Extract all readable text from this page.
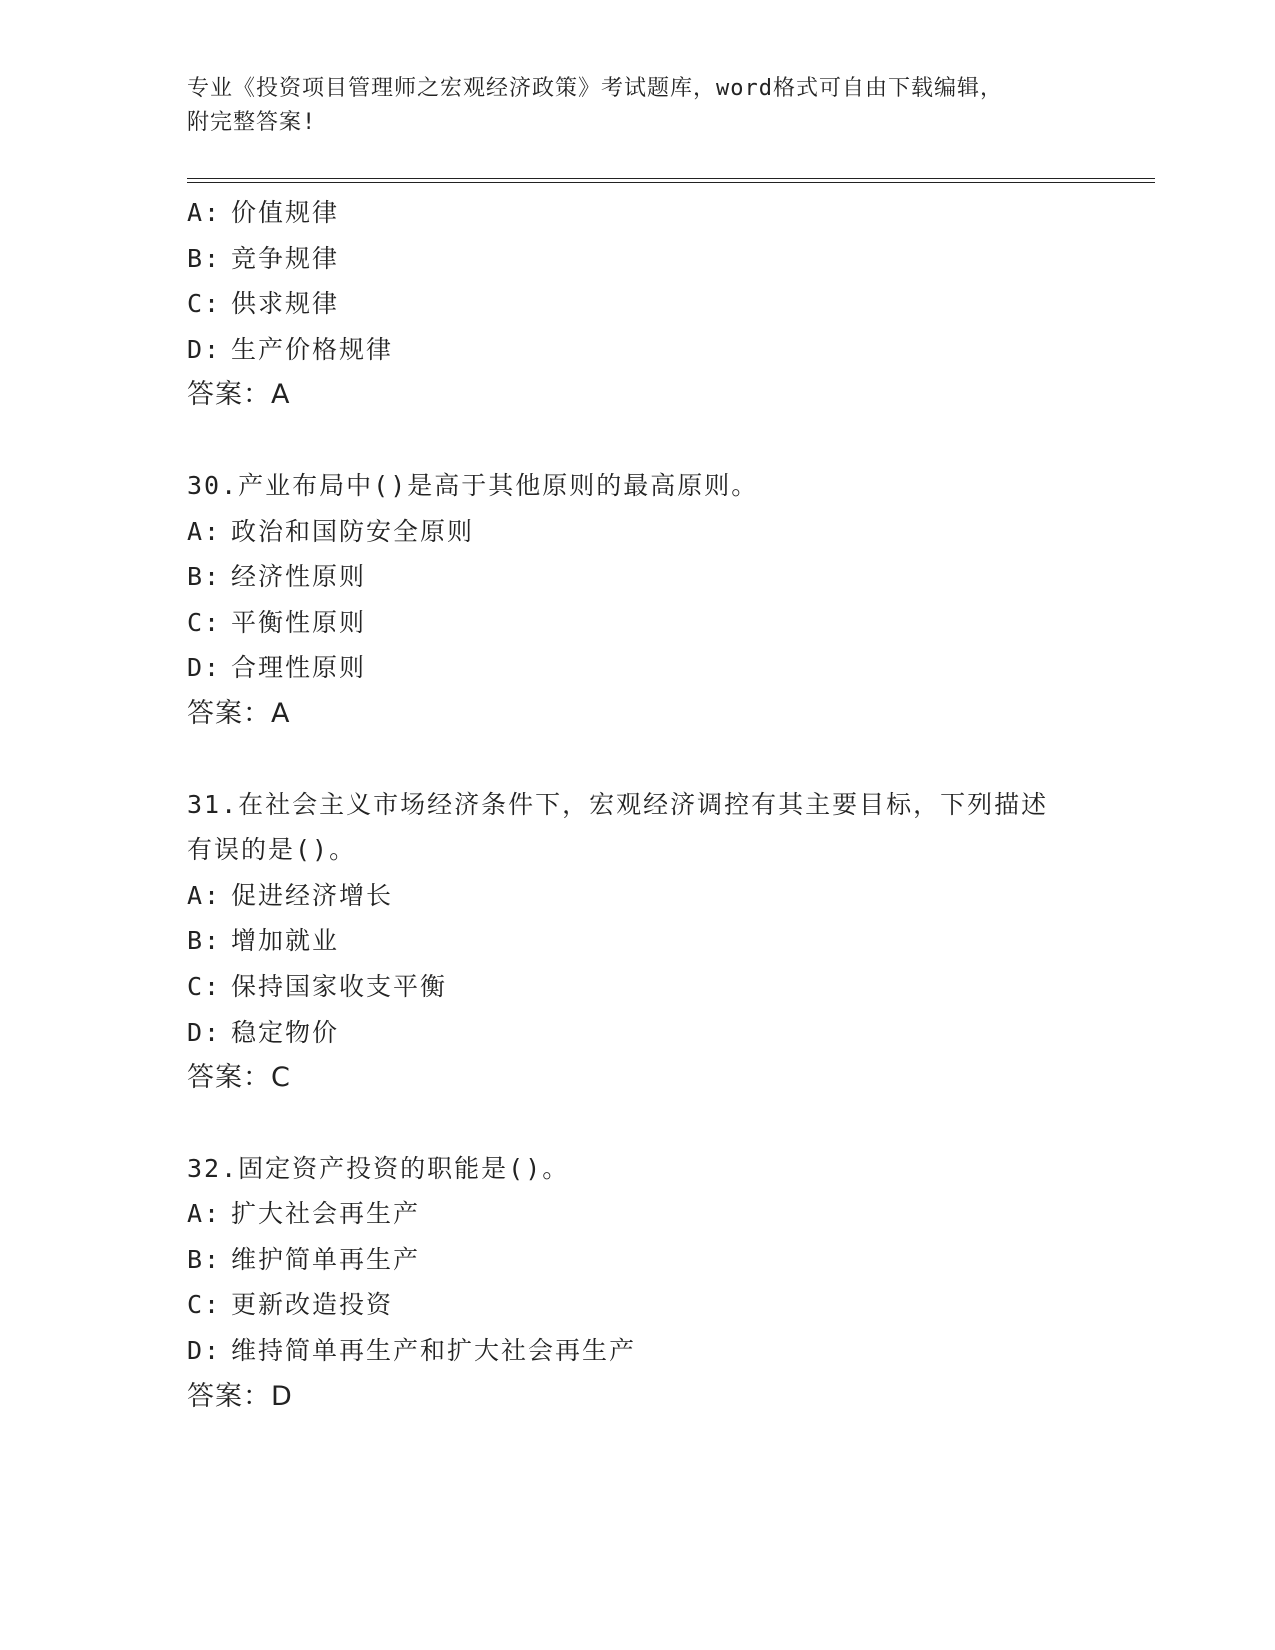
专业《投资项目管理师之宏观经济政策》考试题库，word格式可自由下载编辑，
附完整答案!
A: 价值规律
B: 竞争规律
C: 供求规律
D: 生产价格规律
答案：A
30.产业布局中()是高于其他原则的最高原则。
A: 政治和国防安全原则
B: 经济性原则
C: 平衡性原则
D: 合理性原则
答案：A
31.在社会主义市场经济条件下，宏观经济调控有其主要目标，下列描述有误的是()。
A: 促进经济增长
B: 增加就业
C: 保持国家收支平衡
D: 稳定物价
答案：C
32.固定资产投资的职能是()。
A: 扩大社会再生产
B: 维护简单再生产
C: 更新改造投资
D: 维持简单再生产和扩大社会再生产
答案：D
